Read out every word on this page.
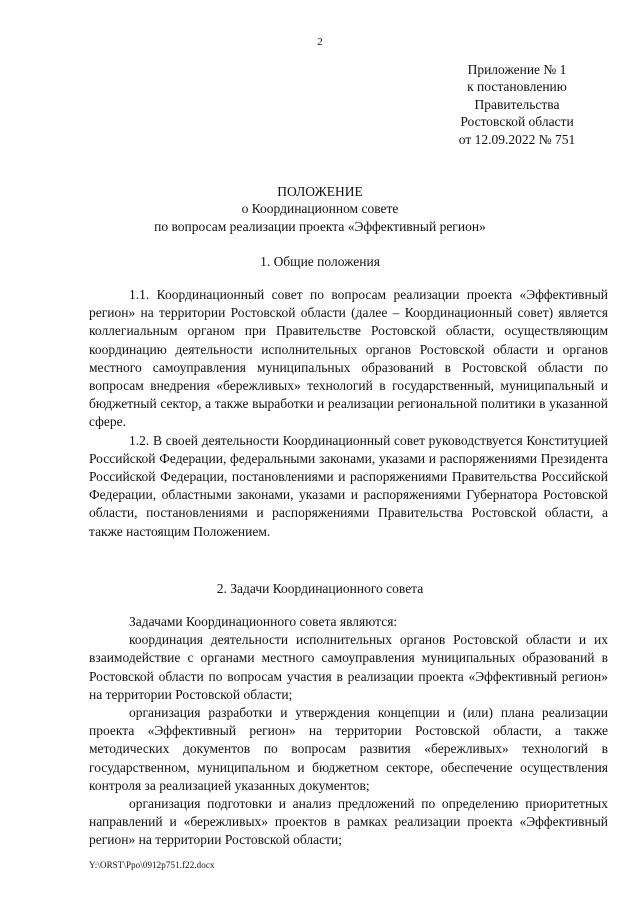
2
Приложение № 1
к постановлению
Правительства
Ростовской области
от 12.09.2022 № 751
ПОЛОЖЕНИЕ
о Координационном совете
по вопросам реализации проекта «Эффективный регион»
1. Общие положения

1.1. Координационный совет по вопросам реализации проекта «Эффективный регион» на территории Ростовской области (далее – Координационный совет) является коллегиальным органом при Правительстве Ростовской области, осуществляющим координацию деятельности исполнительных органов Ростовской области и органов местного самоуправления муниципальных образований в Ростовской области по вопросам внедрения «бережливых» технологий в государственный, муниципальный и бюджетный сектор, а также выработки и реализации региональной политики в указанной сфере.

1.2. В своей деятельности Координационный совет руководствуется Конституцией Российской Федерации, федеральными законами, указами и распоряжениями Президента Российской Федерации, постановлениями и распоряжениями Правительства Российской Федерации, областными законами, указами и распоряжениями Губернатора Ростовской области, постановлениями и распоряжениями Правительства Ростовской области, а также настоящим Положением.

2. Задачи Координационного совета

Задачами Координационного совета являются:

координация деятельности исполнительных органов Ростовской области и их взаимодействие с органами местного самоуправления муниципальных образований в Ростовской области по вопросам участия в реализации проекта «Эффективный регион» на территории Ростовской области;

организация разработки и утверждения концепции и (или) плана реализации проекта «Эффективный регион» на территории Ростовской области, а также методических документов по вопросам развития «бережливых» технологий в государственном, муниципальном и бюджетном секторе, обеспечение осуществления контроля за реализацией указанных документов;

организация подготовки и анализ предложений по определению приоритетных направлений и «бережливых» проектов в рамках реализации проекта «Эффективный регион» на территории Ростовской области;

Y:\ORST\Ppo\0912p751.f22.docx
